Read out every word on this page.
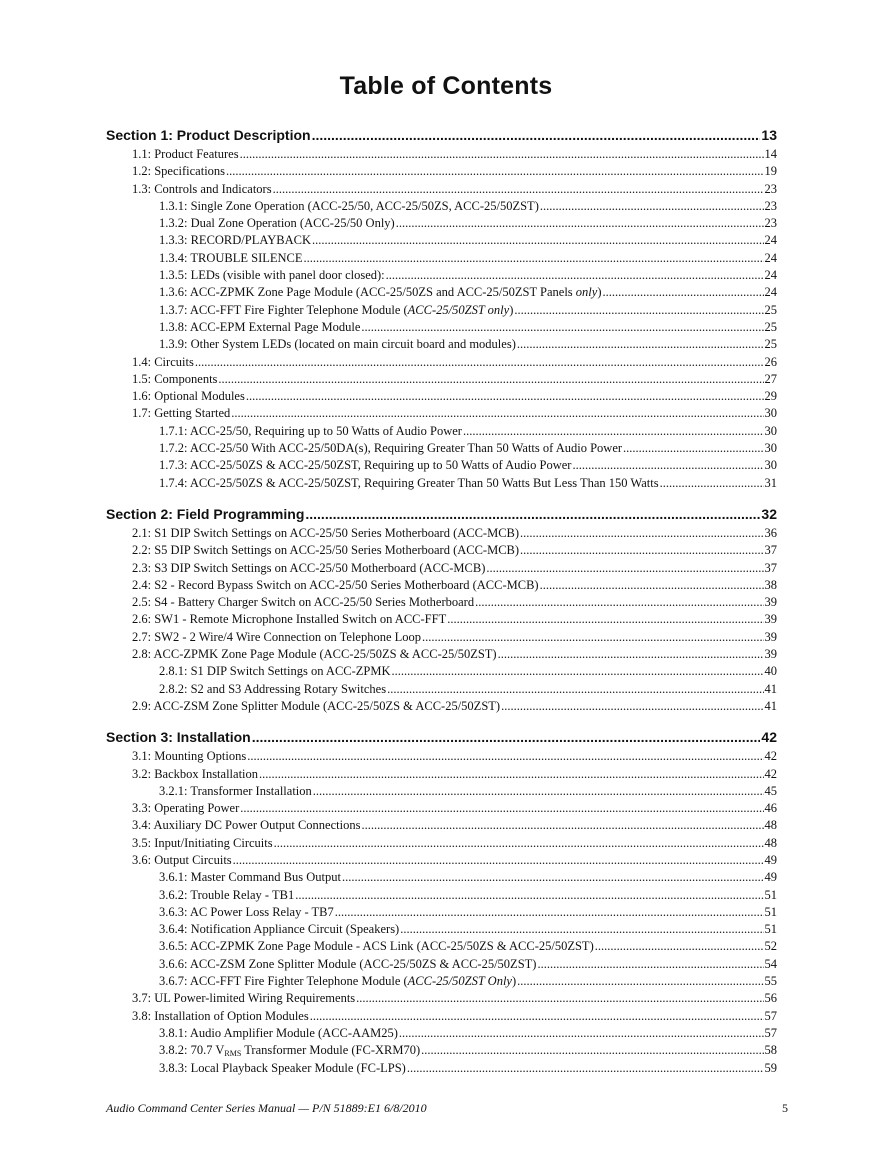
Table of Contents
Section 1: Product Description .....	13
1.1: Product Features .....	14
1.2: Specifications .....	19
1.3: Controls and Indicators .....	23
1.3.1: Single Zone Operation (ACC-25/50, ACC-25/50ZS, ACC-25/50ZST) .....	23
1.3.2: Dual Zone Operation (ACC-25/50 Only) .....	23
1.3.3: RECORD/PLAYBACK .....	24
1.3.4: TROUBLE SILENCE .....	24
1.3.5: LEDs (visible with panel door closed): .....	24
1.3.6: ACC-ZPMK Zone Page Module (ACC-25/50ZS and ACC-25/50ZST Panels only) .....	24
1.3.7: ACC-FFT Fire Fighter Telephone Module (ACC-25/50ZST only) .....	25
1.3.8: ACC-EPM External Page Module .....	25
1.3.9: Other System LEDs (located on main circuit board and modules) .....	25
1.4: Circuits .....	26
1.5: Components .....	27
1.6: Optional Modules .....	29
1.7: Getting Started .....	30
1.7.1: ACC-25/50, Requiring up to 50 Watts of Audio Power .....	30
1.7.2: ACC-25/50 With ACC-25/50DA(s), Requiring Greater Than 50 Watts of Audio Power .....	30
1.7.3: ACC-25/50ZS & ACC-25/50ZST, Requiring up to 50 Watts of Audio Power .....	30
1.7.4: ACC-25/50ZS & ACC-25/50ZST, Requiring Greater Than 50 Watts But Less Than 150 Watts .....	31
Section 2: Field Programming .....	32
2.1: S1 DIP Switch Settings on ACC-25/50 Series Motherboard (ACC-MCB) .....	36
2.2: S5 DIP Switch Settings on ACC-25/50 Series Motherboard (ACC-MCB) .....	37
2.3: S3 DIP Switch Settings on ACC-25/50 Motherboard (ACC-MCB) .....	37
2.4: S2 - Record Bypass Switch on ACC-25/50 Series Motherboard (ACC-MCB) .....	38
2.5: S4 - Battery Charger Switch on ACC-25/50 Series Motherboard .....	39
2.6: SW1 - Remote Microphone Installed Switch on ACC-FFT .....	39
2.7: SW2 - 2 Wire/4 Wire Connection on Telephone Loop .....	39
2.8: ACC-ZPMK Zone Page Module (ACC-25/50ZS & ACC-25/50ZST) .....	39
2.8.1: S1 DIP Switch Settings on ACC-ZPMK .....	40
2.8.2: S2 and S3 Addressing Rotary Switches .....	41
2.9: ACC-ZSM Zone Splitter Module (ACC-25/50ZS & ACC-25/50ZST) .....	41
Section 3: Installation .....	42
3.1: Mounting Options .....	42
3.2: Backbox Installation .....	42
3.2.1: Transformer Installation .....	45
3.3: Operating Power .....	46
3.4: Auxiliary DC Power Output Connections .....	48
3.5: Input/Initiating Circuits .....	48
3.6: Output Circuits .....	49
3.6.1: Master Command Bus Output .....	49
3.6.2: Trouble Relay - TB1 .....	51
3.6.3: AC Power Loss Relay - TB7 .....	51
3.6.4: Notification Appliance Circuit (Speakers) .....	51
3.6.5: ACC-ZPMK Zone Page Module - ACS Link (ACC-25/50ZS & ACC-25/50ZST) .....	52
3.6.6: ACC-ZSM Zone Splitter Module (ACC-25/50ZS & ACC-25/50ZST) .....	54
3.6.7: ACC-FFT Fire Fighter Telephone Module (ACC-25/50ZST Only) .....	55
3.7: UL Power-limited Wiring Requirements .....	56
3.8: Installation of Option Modules .....	57
3.8.1: Audio Amplifier Module (ACC-AAM25) .....	57
3.8.2: 70.7 $V_{RMS}$ Transformer Module (FC-XRM70) .....	58
3.8.3: Local Playback Speaker Module (FC-LPS) .....	59
Audio Command Center Series Manual — P/N 51889:E1 6/8/2010	5
